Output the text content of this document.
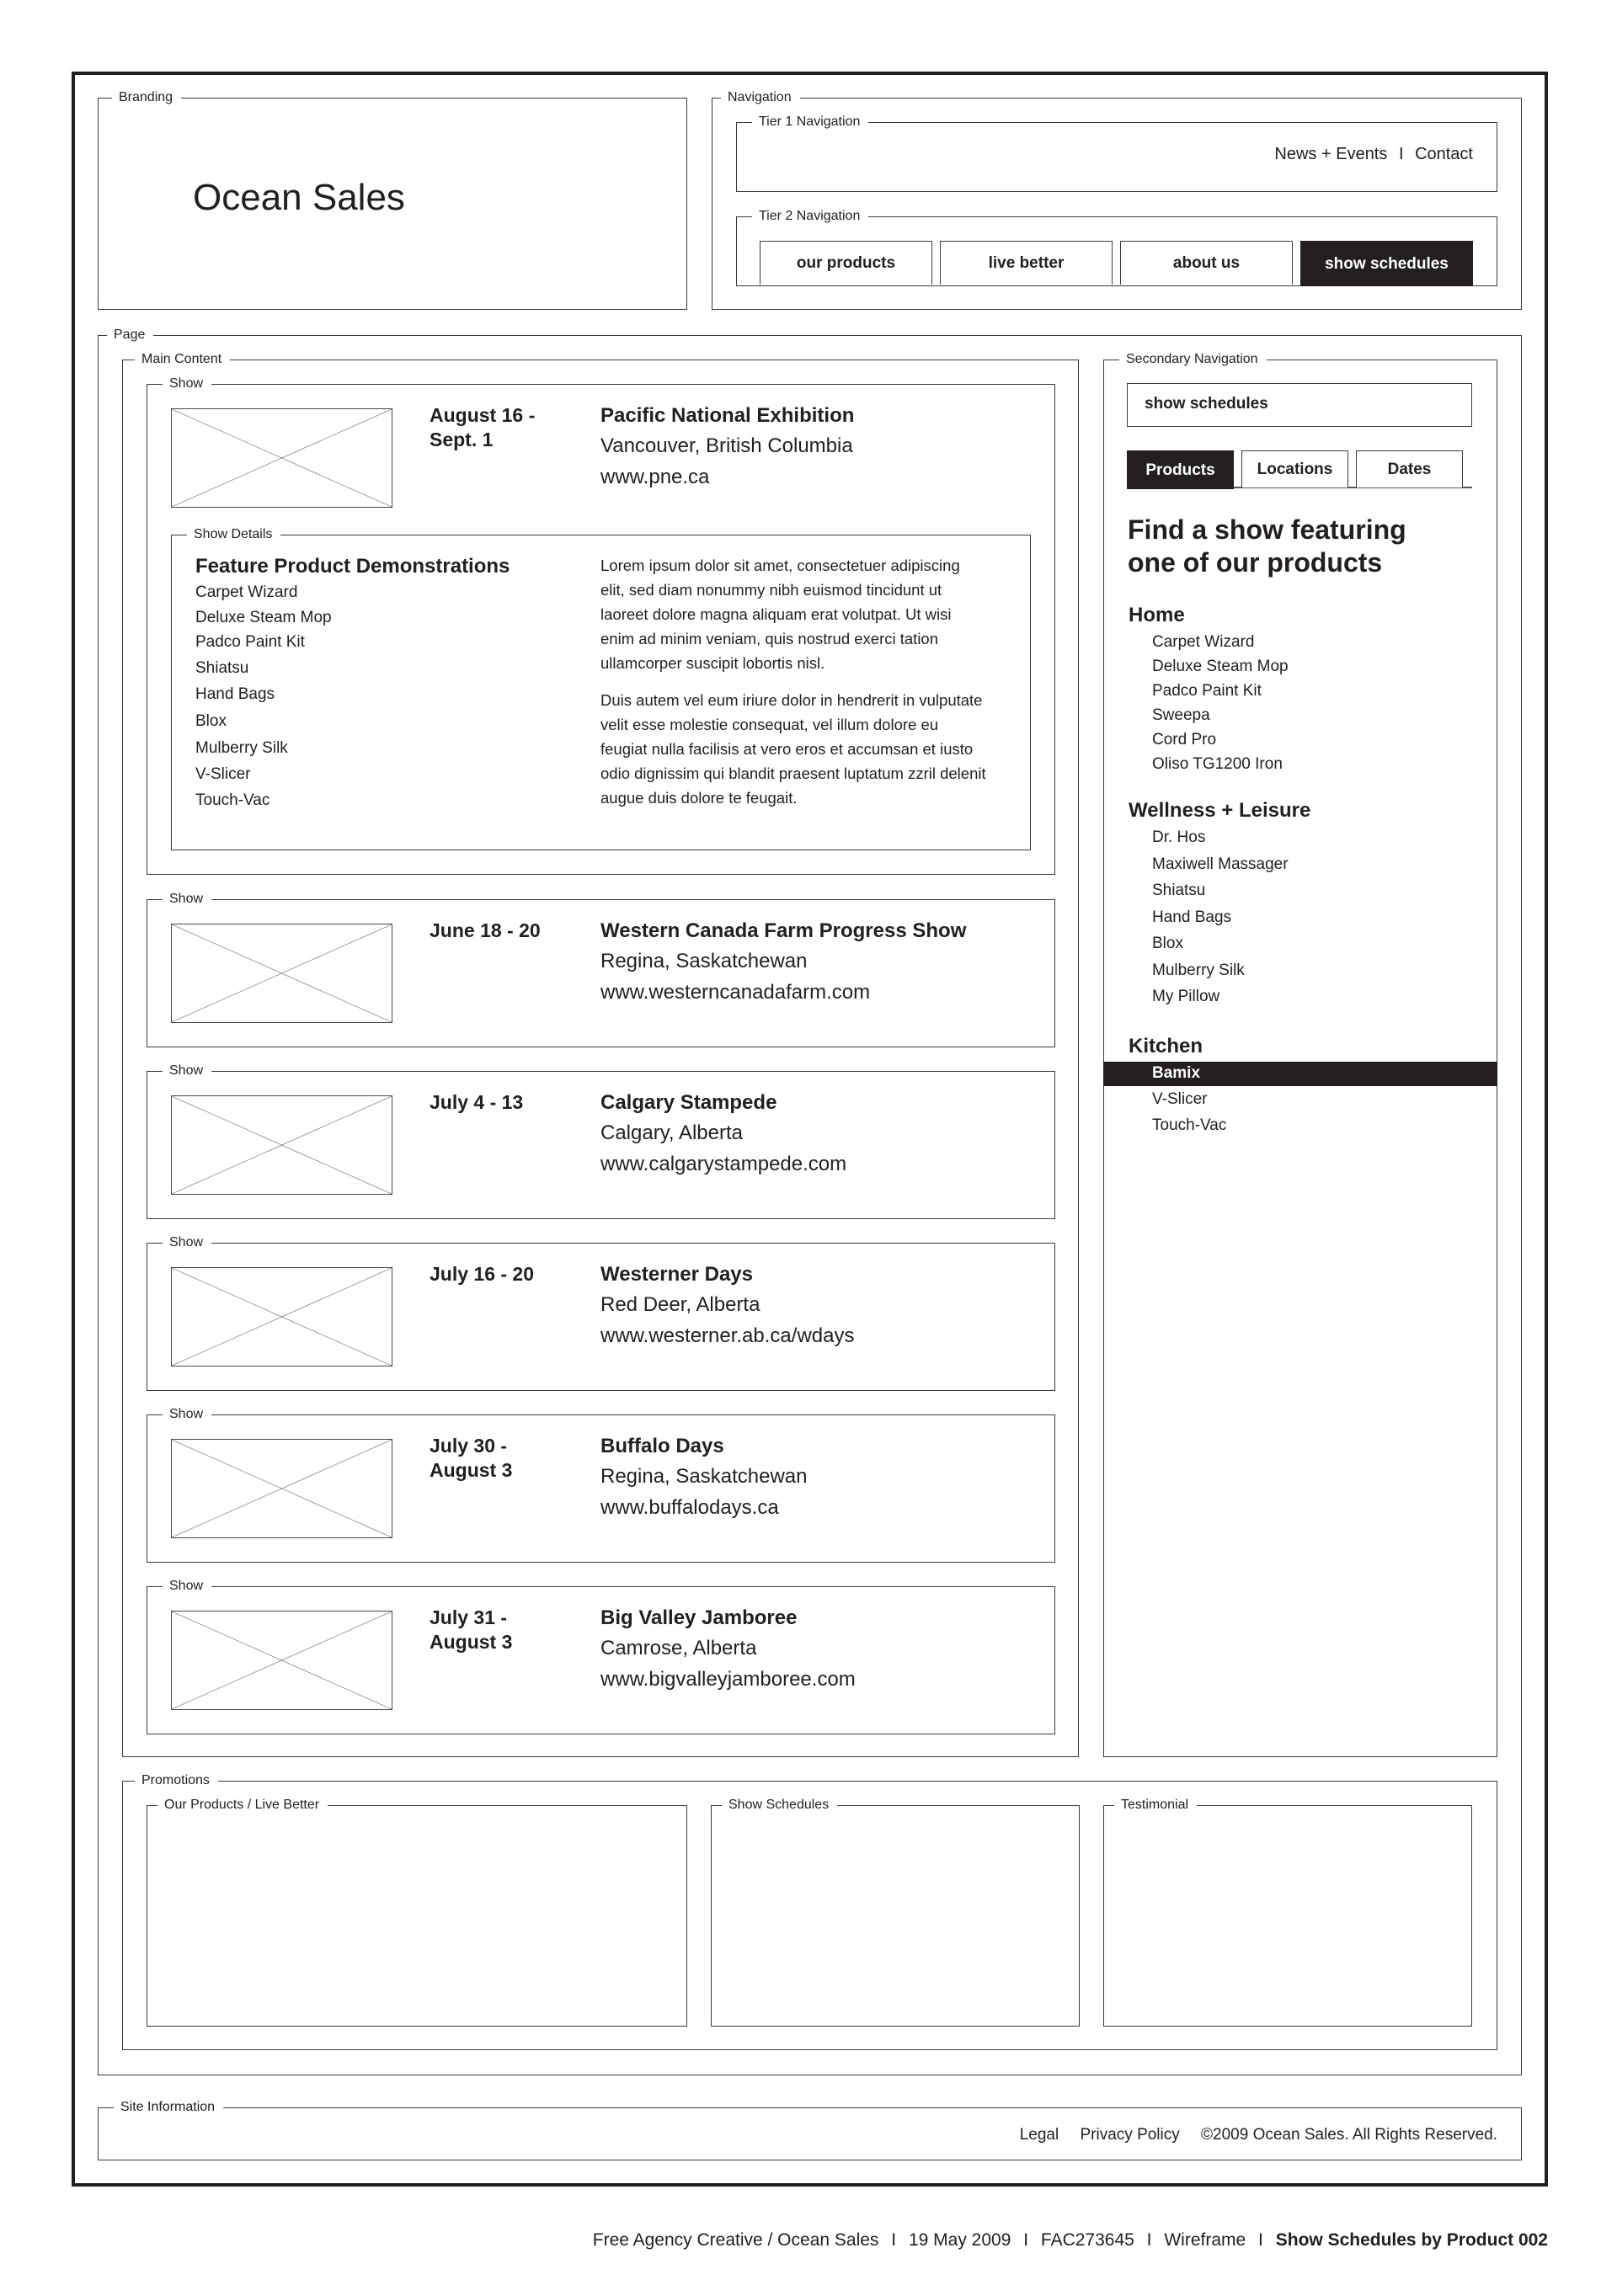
Branding
Ocean Sales
Navigation
Tier 1 Navigation
News + Events I Contact
Tier 2 Navigation
our products	live better	about us	show schedules
Page
Main Content
Show
August 16 -
Sept. 1
Pacific National Exhibition
Vancouver, British Columbia
www.pne.ca
Show Details
Feature Product Demonstrations
Carpet Wizard
Deluxe Steam Mop
Padco Paint Kit
Shiatsu
Hand Bags
Blox
Mulberry Silk
V-Slicer
Touch-Vac
Lorem ipsum dolor sit amet, consectetuer adipiscing
elit, sed diam nonummy nibh euismod tincidunt ut
laoreet dolore magna aliquam erat volutpat. Ut wisi
enim ad minim veniam, quis nostrud exerci tation
ullamcorper suscipit lobortis nisl.
Duis autem vel eum iriure dolor in hendrerit in vulputate
velit esse molestie consequat, vel illum dolore eu
feugiat nulla facilisis at vero eros et accumsan et iusto
odio dignissim qui blandit praesent luptatum zzril delenit
augue duis dolore te feugait.
Show
June 18 - 20	Western Canada Farm Progress Show
Regina, Saskatchewan
www.westerncanadafarm.com
Show
July 4 - 13	Calgary Stampede
Calgary, Alberta
www.calgarystampede.com
Show
July 16 - 20	Westerner Days
Red Deer, Alberta
www.westerner.ab.ca/wdays
Show
July 30 -
August 3
Buffalo Days
Regina, Saskatchewan
www.buffalodays.ca
Show
July 31 -
August 3
Big Valley Jamboree
Camrose, Alberta
www.bigvalleyjamboree.com
Secondary Navigation
show schedules
Products	Locations	Dates
Find a show featuring
one of our products
Home
Carpet Wizard
Deluxe Steam Mop
Padco Paint Kit
Sweepa
Cord Pro
Oliso TG1200 Iron
Wellness + Leisure
Dr. Hos
Maxiwell Massager
Shiatsu
Hand Bags
Blox
Mulberry Silk
My Pillow
Kitchen
Bamix
V-Slicer
Touch-Vac
Promotions
Our Products / Live Better	Show Schedules	Testimonial
Site Information
Legal Privacy Policy ©2009 Ocean Sales. All Rights Reserved.
Free Agency Creative / Ocean Sales I 19 May 2009 I FAC273645 I Wireframe I Show Schedules by Product 002
